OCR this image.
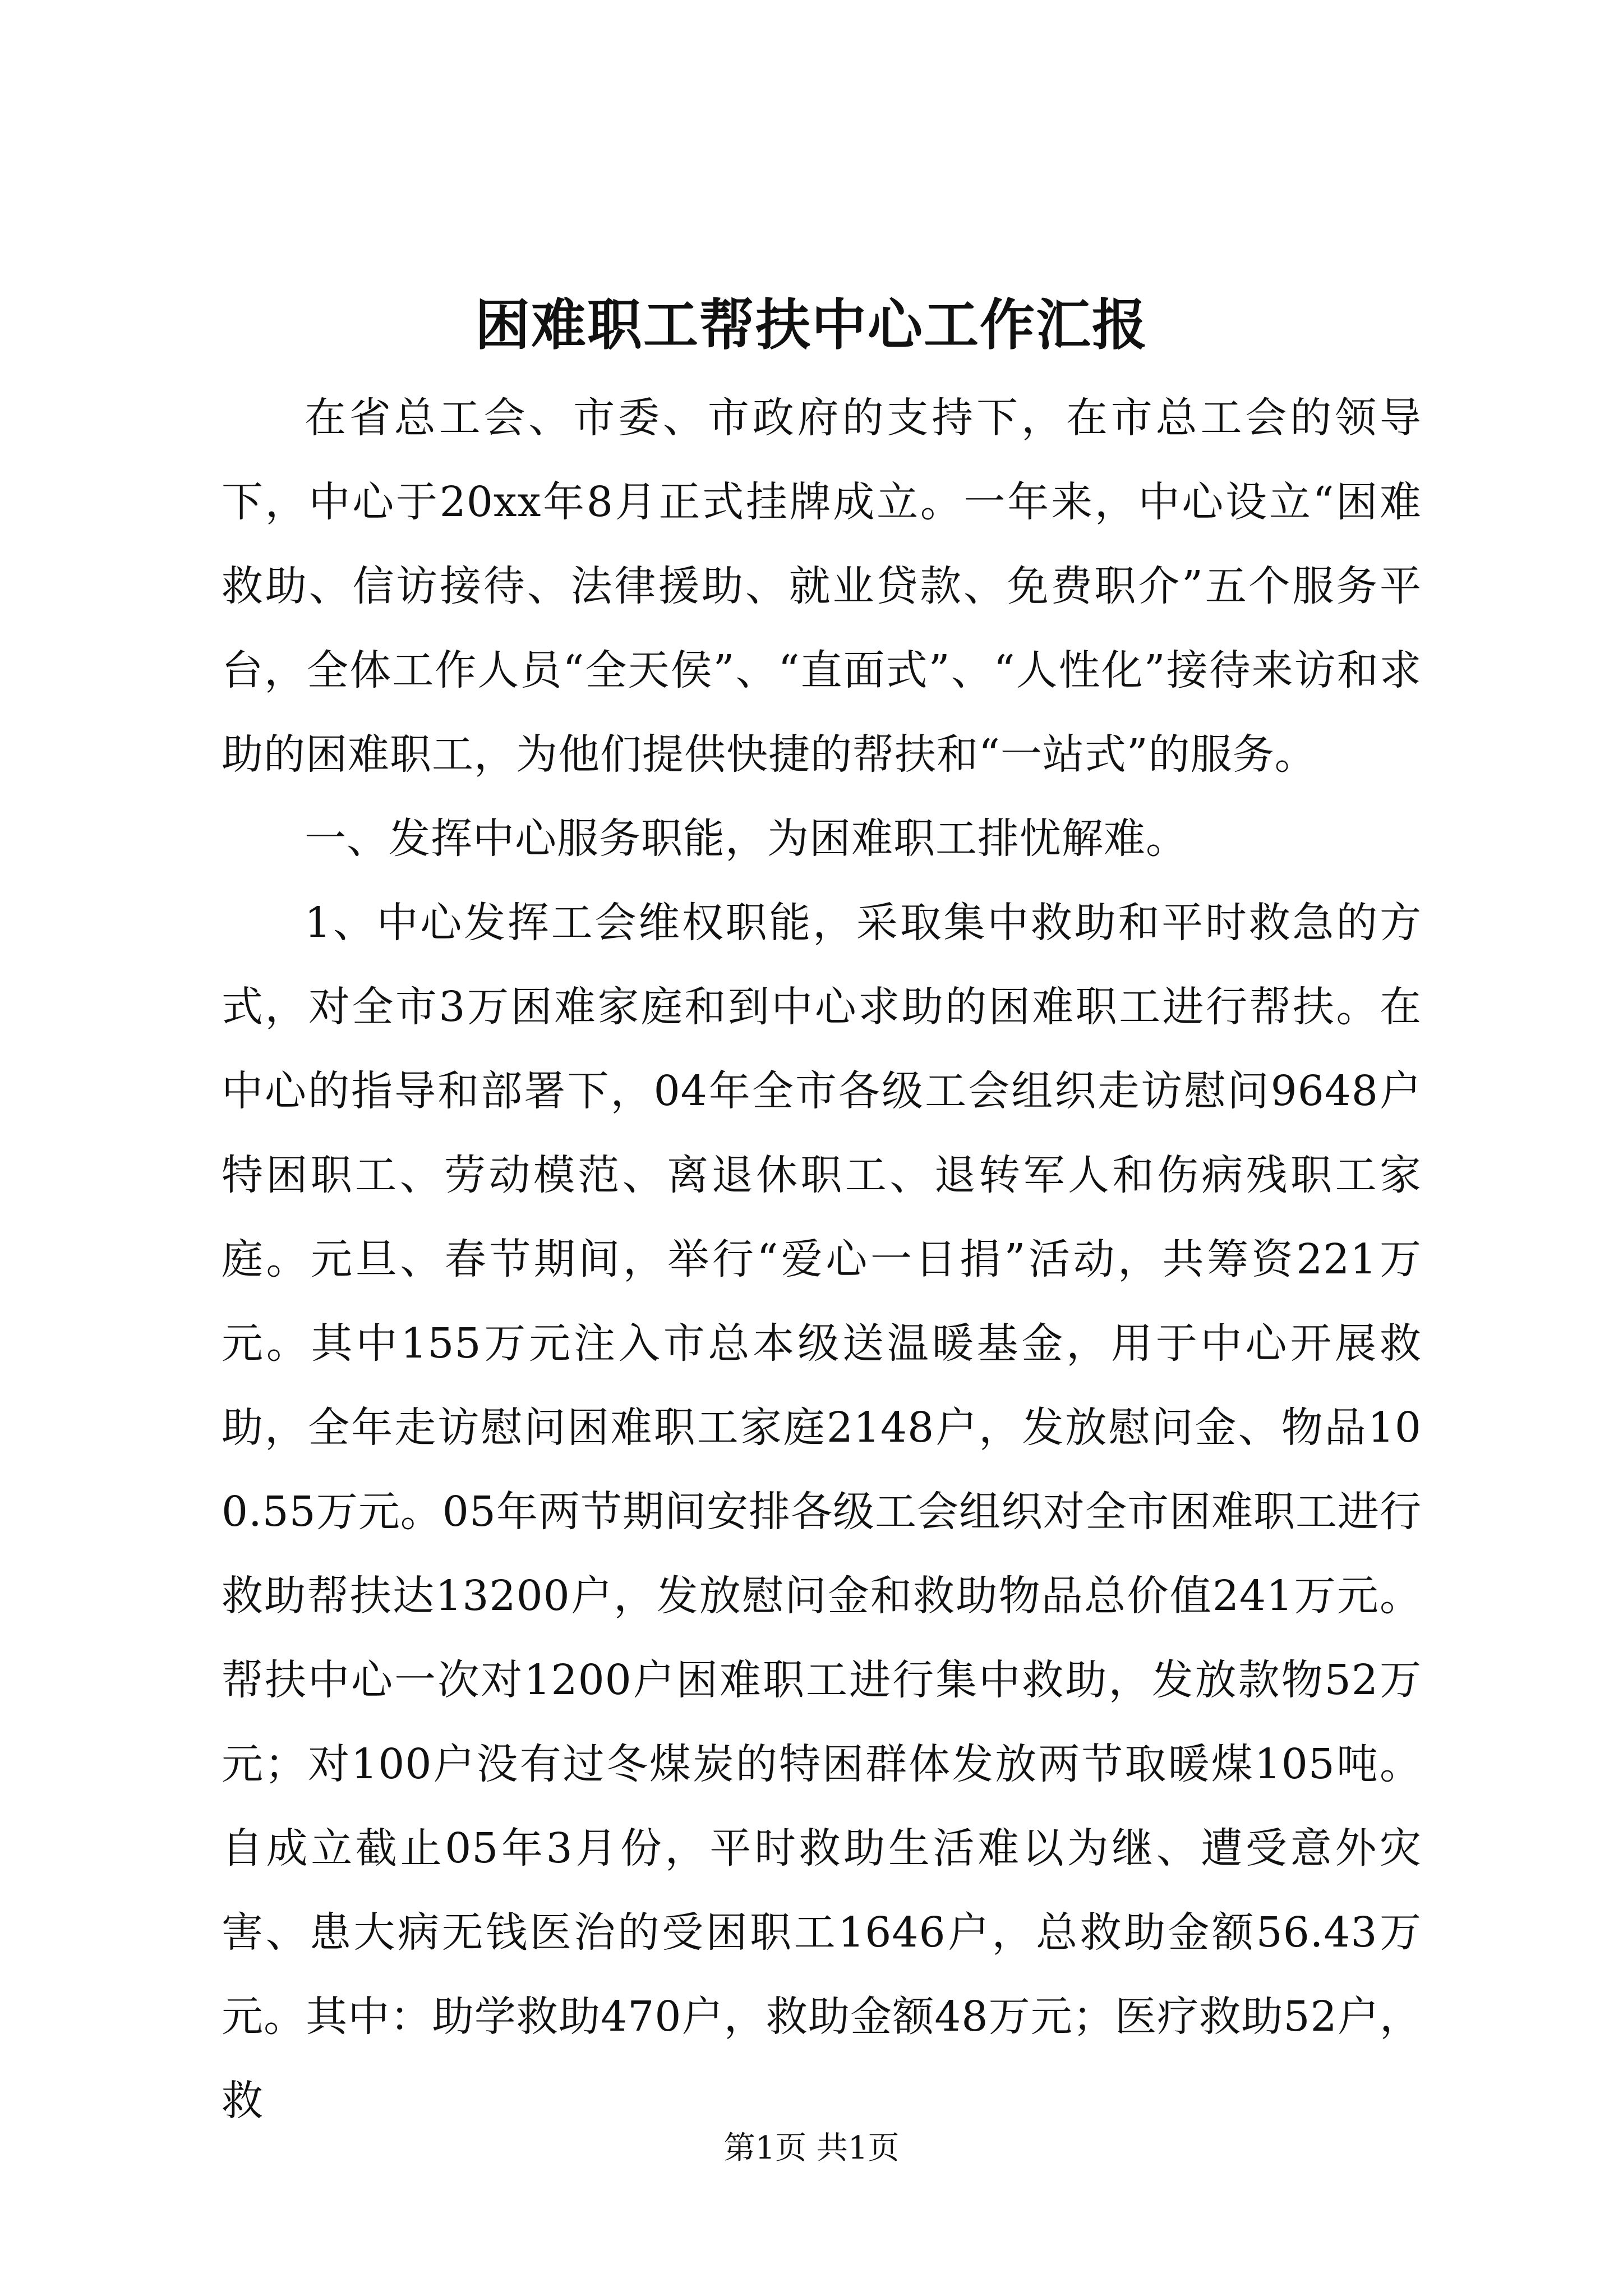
困难职工帮扶中心工作汇报

在省总工会、市委、市政府的支持下，在市总工会的领导下，中心于20xx年8月正式挂牌成立。一年来，中心设立“困难救助、信访接待、法律援助、就业贷款、免费职介”五个服务平台，全体工作人员“全天侯”、“直面式”、“人性化”接待来访和求助的困难职工，为他们提供快捷的帮扶和“一站式”的服务。

一、发挥中心服务职能，为困难职工排忧解难。

1、中心发挥工会维权职能，采取集中救助和平时救急的方式，对全市3万困难家庭和到中心求助的困难职工进行帮扶。在中心的指导和部署下，04年全市各级工会组织走访慰问9648户特困职工、劳动模范、离退休职工、退转军人和伤病残职工家庭。元旦、春节期间，举行“爱心一日捐”活动，共筹资221万元。其中155万元注入市总本级送温暖基金，用于中心开展救助，全年走访慰问困难职工家庭2148户，发放慰问金、物品100.55万元。05年两节期间安排各级工会组织对全市困难职工进行救助帮扶达13200户，发放慰问金和救助物品总价值241万元。帮扶中心一次对1200户困难职工进行集中救助，发放款物52万元；对100户没有过冬煤炭的特困群体发放两节取暖煤105吨。自成立截止05年3月份，平时救助生活难以为继、遭受意外灾害、患大病无钱医治的受困职工1646户，总救助金额56.43万元。其中：助学救助470户，救助金额48万元；医疗救助52户，救

第1页 共1页
